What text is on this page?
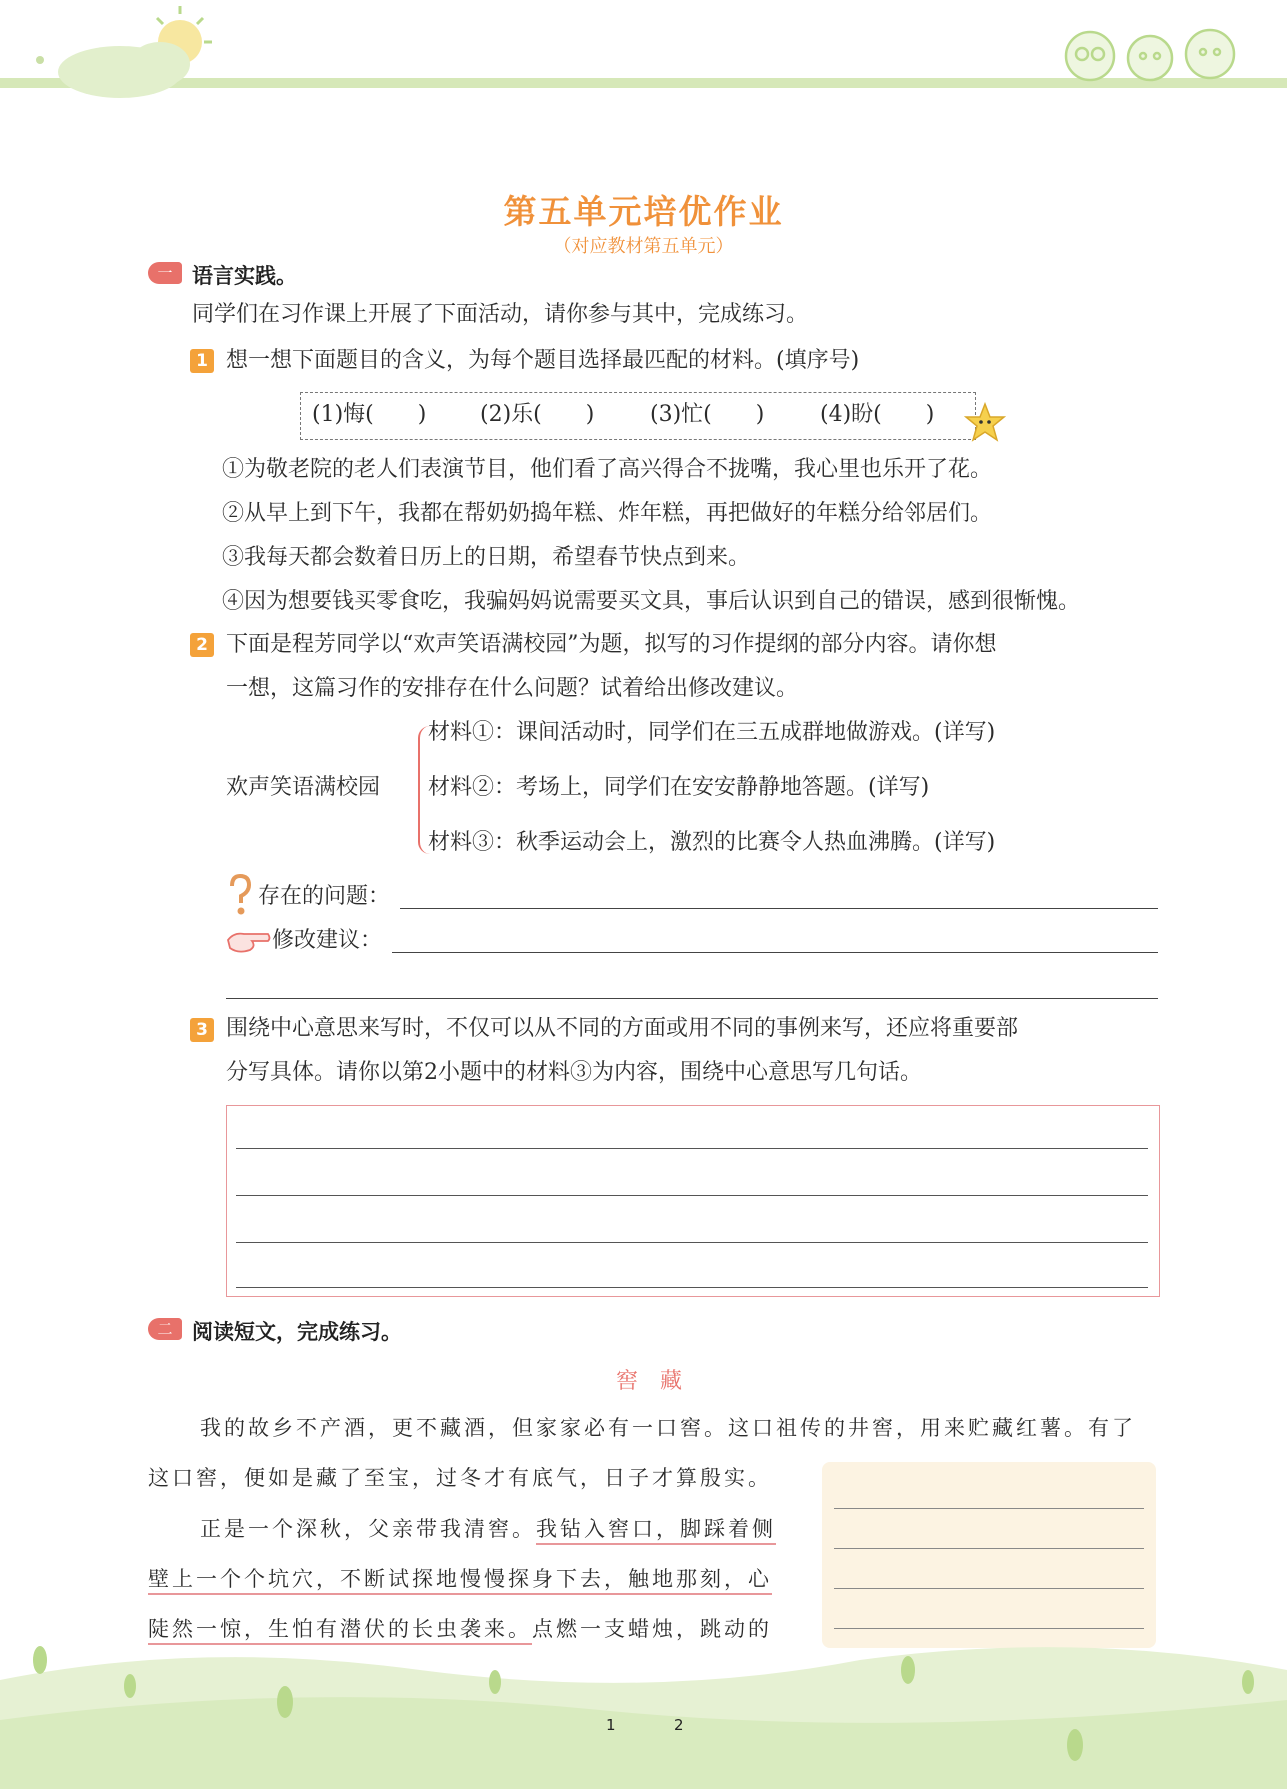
第五单元培优作业
（对应教材第五单元）
一 语言实践。
同学们在习作课上开展了下面活动，请你参与其中，完成练习。
1 想一想下面题目的含义，为每个题目选择最匹配的材料。(填序号)
(1)悔(　　) (2)乐(　　)	(3)忙(　　)	(4)盼(　　)
①为敬老院的老人们表演节目，他们看了高兴得合不拢嘴，我心里也乐开了花。
②从早上到下午，我都在帮奶奶捣年糕、炸年糕，再把做好的年糕分给邻居们。
③我每天都会数着日历上的日期，希望春节快点到来。
④因为想要钱买零食吃，我骗妈妈说需要买文具，事后认识到自己的错误，感到很惭愧。
2 下面是程芳同学以“欢声笑语满校园”为题，拟写的习作提纲的部分内容。请你想
一想，这篇习作的安排存在什么问题？试着给出修改建议。
欢声笑语满校园
材料①：课间活动时，同学们在三五成群地做游戏。(详写)
材料②：考场上，同学们在安安静静地答题。(详写)
材料③：秋季运动会上，激烈的比赛令人热血沸腾。(详写)
存在的问题：
修改建议：
3 围绕中心意思来写时，不仅可以从不同的方面或用不同的事例来写，还应将重要部
分写具体。请你以第2小题中的材料③为内容，围绕中心意思写几句话。
二 阅读短文，完成练习。
窖藏
我的故乡不产酒，更不藏酒，但家家必有一口窖。这口祖传的井窖，用来贮藏红薯。有了
这口窖，便如是藏了至宝，过冬才有底气，日子才算殷实。
正是一个深秋，父亲带我清窖。我钻入窖口，脚踩着侧
壁上一个个坑穴，不断试探地慢慢探身下去，触地那刻，心
陡然一惊，生怕有潜伏的长虫袭来。点燃一支蜡烛，跳动的
1	2
